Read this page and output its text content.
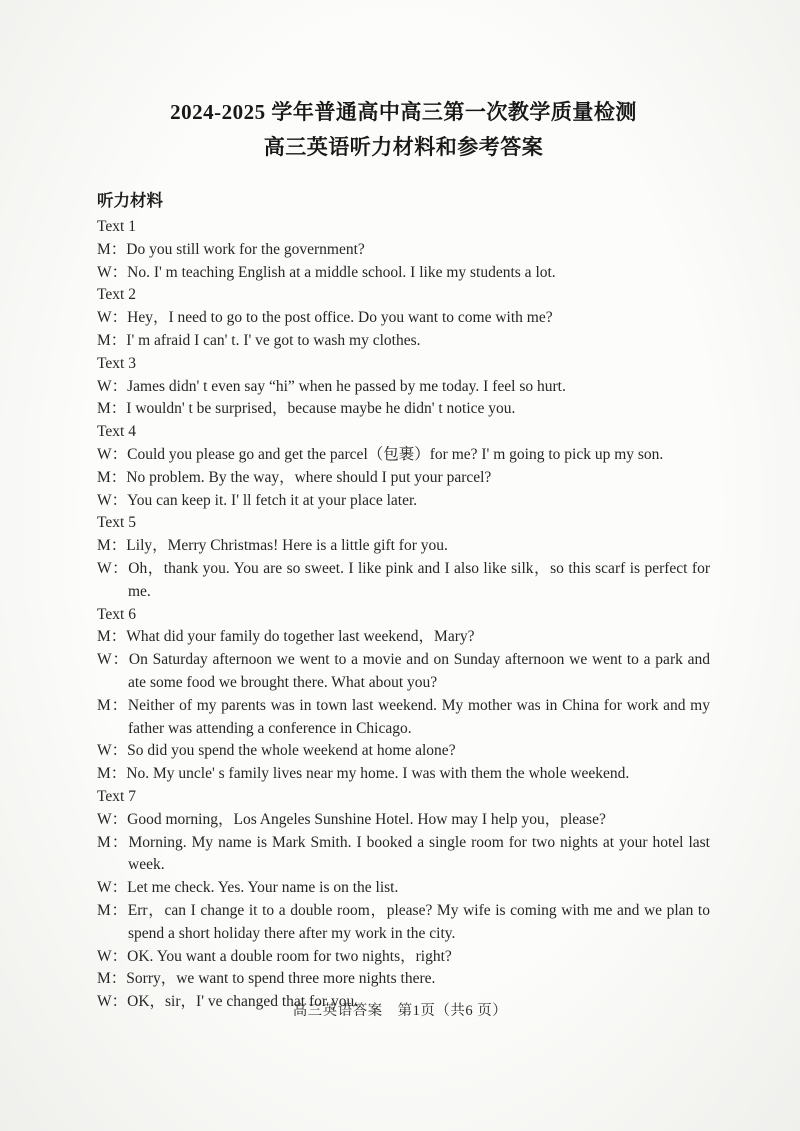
2024-2025 学年普通高中高三第一次教学质量检测
高三英语听力材料和参考答案
听力材料
Text 1
M：Do you still work for the government?
W：No. I' m teaching English at a middle school. I like my students a lot.
Text 2
W：Hey，I need to go to the post office. Do you want to come with me?
M：I' m afraid I can' t. I' ve got to wash my clothes.
Text 3
W：James didn' t even say “hi” when he passed by me today. I feel so hurt.
M：I wouldn' t be surprised，because maybe he didn' t notice you.
Text 4
W：Could you please go and get the parcel（包裹）for me? I' m going to pick up my son.
M：No problem. By the way，where should I put your parcel?
W：You can keep it. I' ll fetch it at your place later.
Text 5
M：Lily，Merry Christmas! Here is a little gift for you.
W：Oh，thank you. You are so sweet. I like pink and I also like silk，so this scarf is perfect for me.
Text 6
M：What did your family do together last weekend，Mary?
W：On Saturday afternoon we went to a movie and on Sunday afternoon we went to a park and ate some food we brought there. What about you?
M：Neither of my parents was in town last weekend. My mother was in China for work and my father was attending a conference in Chicago.
W：So did you spend the whole weekend at home alone?
M：No. My uncle' s family lives near my home. I was with them the whole weekend.
Text 7
W：Good morning，Los Angeles Sunshine Hotel. How may I help you，please?
M：Morning. My name is Mark Smith. I booked a single room for two nights at your hotel last week.
W：Let me check. Yes. Your name is on the list.
M：Err，can I change it to a double room，please? My wife is coming with me and we plan to spend a short holiday there after my work in the city.
W：OK. You want a double room for two nights，right?
M：Sorry，we want to spend three more nights there.
W：OK，sir，I' ve changed that for you.
高三英语答案　第1页（共6 页）
